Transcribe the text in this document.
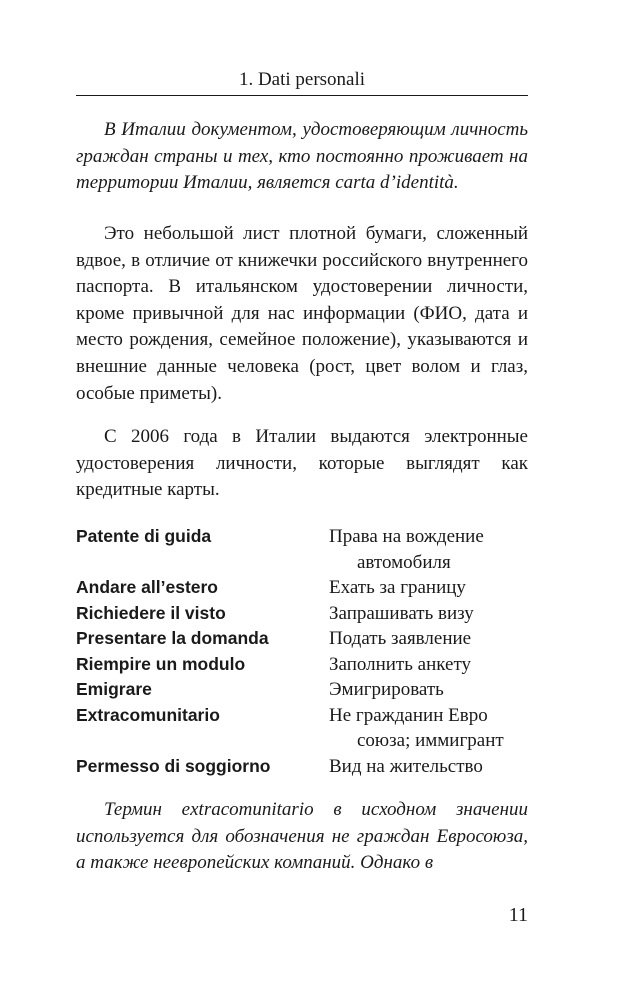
1. Dati personali

В Италии документом, удостоверяющим личность граждан страны и тех, кто постоянно проживает на территории Италии, является carta d’identità.

Это небольшой лист плотной бумаги, сложенный вдвое, в отличие от книжечки российского внутреннего паспорта. В итальянском удостоверении личности, кроме привычной для нас информации (ФИО, дата и место рождения, семейное положение), указываются и внешние данные человека (рост, цвет волом и глаз, особые приметы).

С 2006 года в Италии выдаются электронные удостоверения личности, которые выглядят как кредитные карты.

Patente di guida	Права на вождение
автомобиля
Andare all’estero	Ехать за границу
Richiedere il visto	Запрашивать визу
Presentare la domanda	Подать заявление
Riempire un modulo	Заполнить анкету
Emigrare	Эмигрировать
Extracomunitario	Не гражданин Евро
союза; иммигрант
Permesso di soggiorno	Вид на жительство

Термин extracomunitario в исходном значении используется для обозначения не граждан Евросоюза, а также неевропейских компаний. Однако в

11
